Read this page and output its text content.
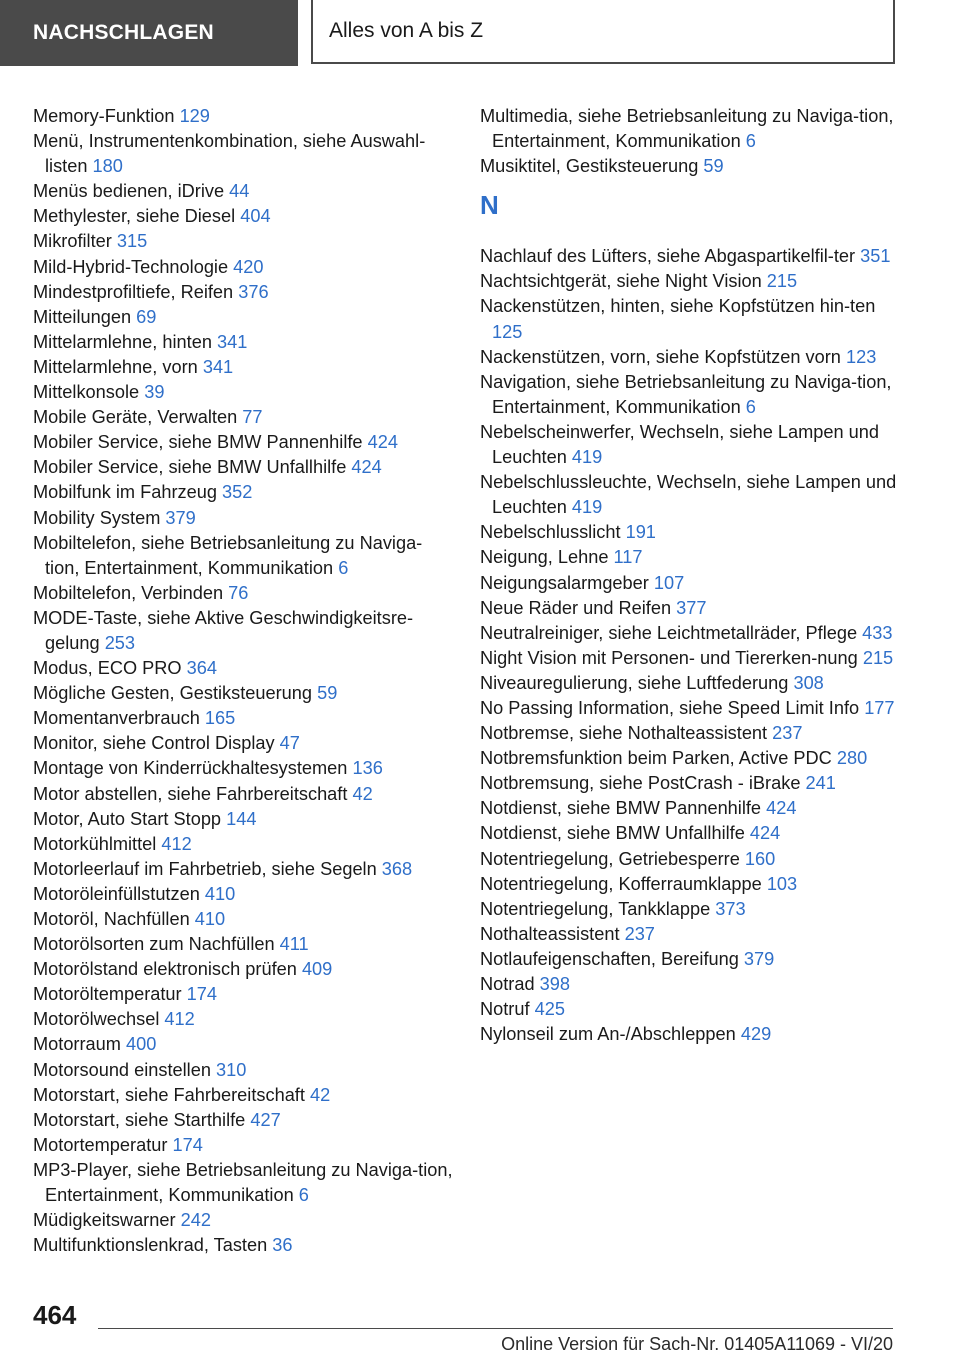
NACHSCHLAGEN	Alles von A bis Z
Memory-Funktion 129
Menü, Instrumentenkombination, siehe Auswahl-listen 180
Menüs bedienen, iDrive 44
Methylester, siehe Diesel 404
Mikrofilter 315
Mild-Hybrid-Technologie 420
Mindestprofiltiefe, Reifen 376
Mitteilungen 69
Mittelarmlehne, hinten 341
Mittelarmlehne, vorn 341
Mittelkonsole 39
Mobile Geräte, Verwalten 77
Mobiler Service, siehe BMW Pannenhilfe 424
Mobiler Service, siehe BMW Unfallhilfe 424
Mobilfunk im Fahrzeug 352
Mobility System 379
Mobiltelefon, siehe Betriebsanleitung zu Naviga-tion, Entertainment, Kommunikation 6
Mobiltelefon, Verbinden 76
MODE-Taste, siehe Aktive Geschwindigkeitsre-gelung 253
Modus, ECO PRO 364
Mögliche Gesten, Gestiksteuerung 59
Momentanverbrauch 165
Monitor, siehe Control Display 47
Montage von Kinderrückhaltesystemen 136
Motor abstellen, siehe Fahrbereitschaft 42
Motor, Auto Start Stopp 144
Motorkühlmittel 412
Motorleerlauf im Fahrbetrieb, siehe Segeln 368
Motoröleinfüllstutzen 410
Motoröl, Nachfüllen 410
Motorölsorten zum Nachfüllen 411
Motorölstand elektronisch prüfen 409
Motoröltemperatur 174
Motorölwechsel 412
Motorraum 400
Motorsound einstellen 310
Motorstart, siehe Fahrbereitschaft 42
Motorstart, siehe Starthilfe 427
Motortemperatur 174
MP3-Player, siehe Betriebsanleitung zu Naviga-tion, Entertainment, Kommunikation 6
Müdigkeitswarner 242
Multifunktionslenkrad, Tasten 36
Multimedia, siehe Betriebsanleitung zu Naviga-tion, Entertainment, Kommunikation 6
Musiktitel, Gestiksteuerung 59
N
Nachlauf des Lüfters, siehe Abgaspartikelfil-ter 351
Nachtsichtgerät, siehe Night Vision 215
Nackenstützen, hinten, siehe Kopfstützen hin-ten 125
Nackenstützen, vorn, siehe Kopfstützen vorn 123
Navigation, siehe Betriebsanleitung zu Naviga-tion, Entertainment, Kommunikation 6
Nebelscheinwerfer, Wechseln, siehe Lampen und Leuchten 419
Nebelschlussleuchte, Wechseln, siehe Lampen und Leuchten 419
Nebelschlusslicht 191
Neigung, Lehne 117
Neigungsalarmgeber 107
Neue Räder und Reifen 377
Neutralreiniger, siehe Leichtmetallräder, Pflege 433
Night Vision mit Personen- und Tiererken-nung 215
Niveauregulierung, siehe Luftfederung 308
No Passing Information, siehe Speed Limit Info 177
Notbremse, siehe Nothalteassistent 237
Notbremsfunktion beim Parken, Active PDC 280
Notbremsung, siehe PostCrash - iBrake 241
Notdienst, siehe BMW Pannenhilfe 424
Notdienst, siehe BMW Unfallhilfe 424
Notentriegelung, Getriebesperre 160
Notentriegelung, Kofferraumklappe 103
Notentriegelung, Tankklappe 373
Nothalteassistent 237
Notlaufeigenschaften, Bereifung 379
Notrad 398
Notruf 425
Nylonseil zum An-/Abschleppen 429
464
Online Version für Sach-Nr. 01405A11069 - VI/20
